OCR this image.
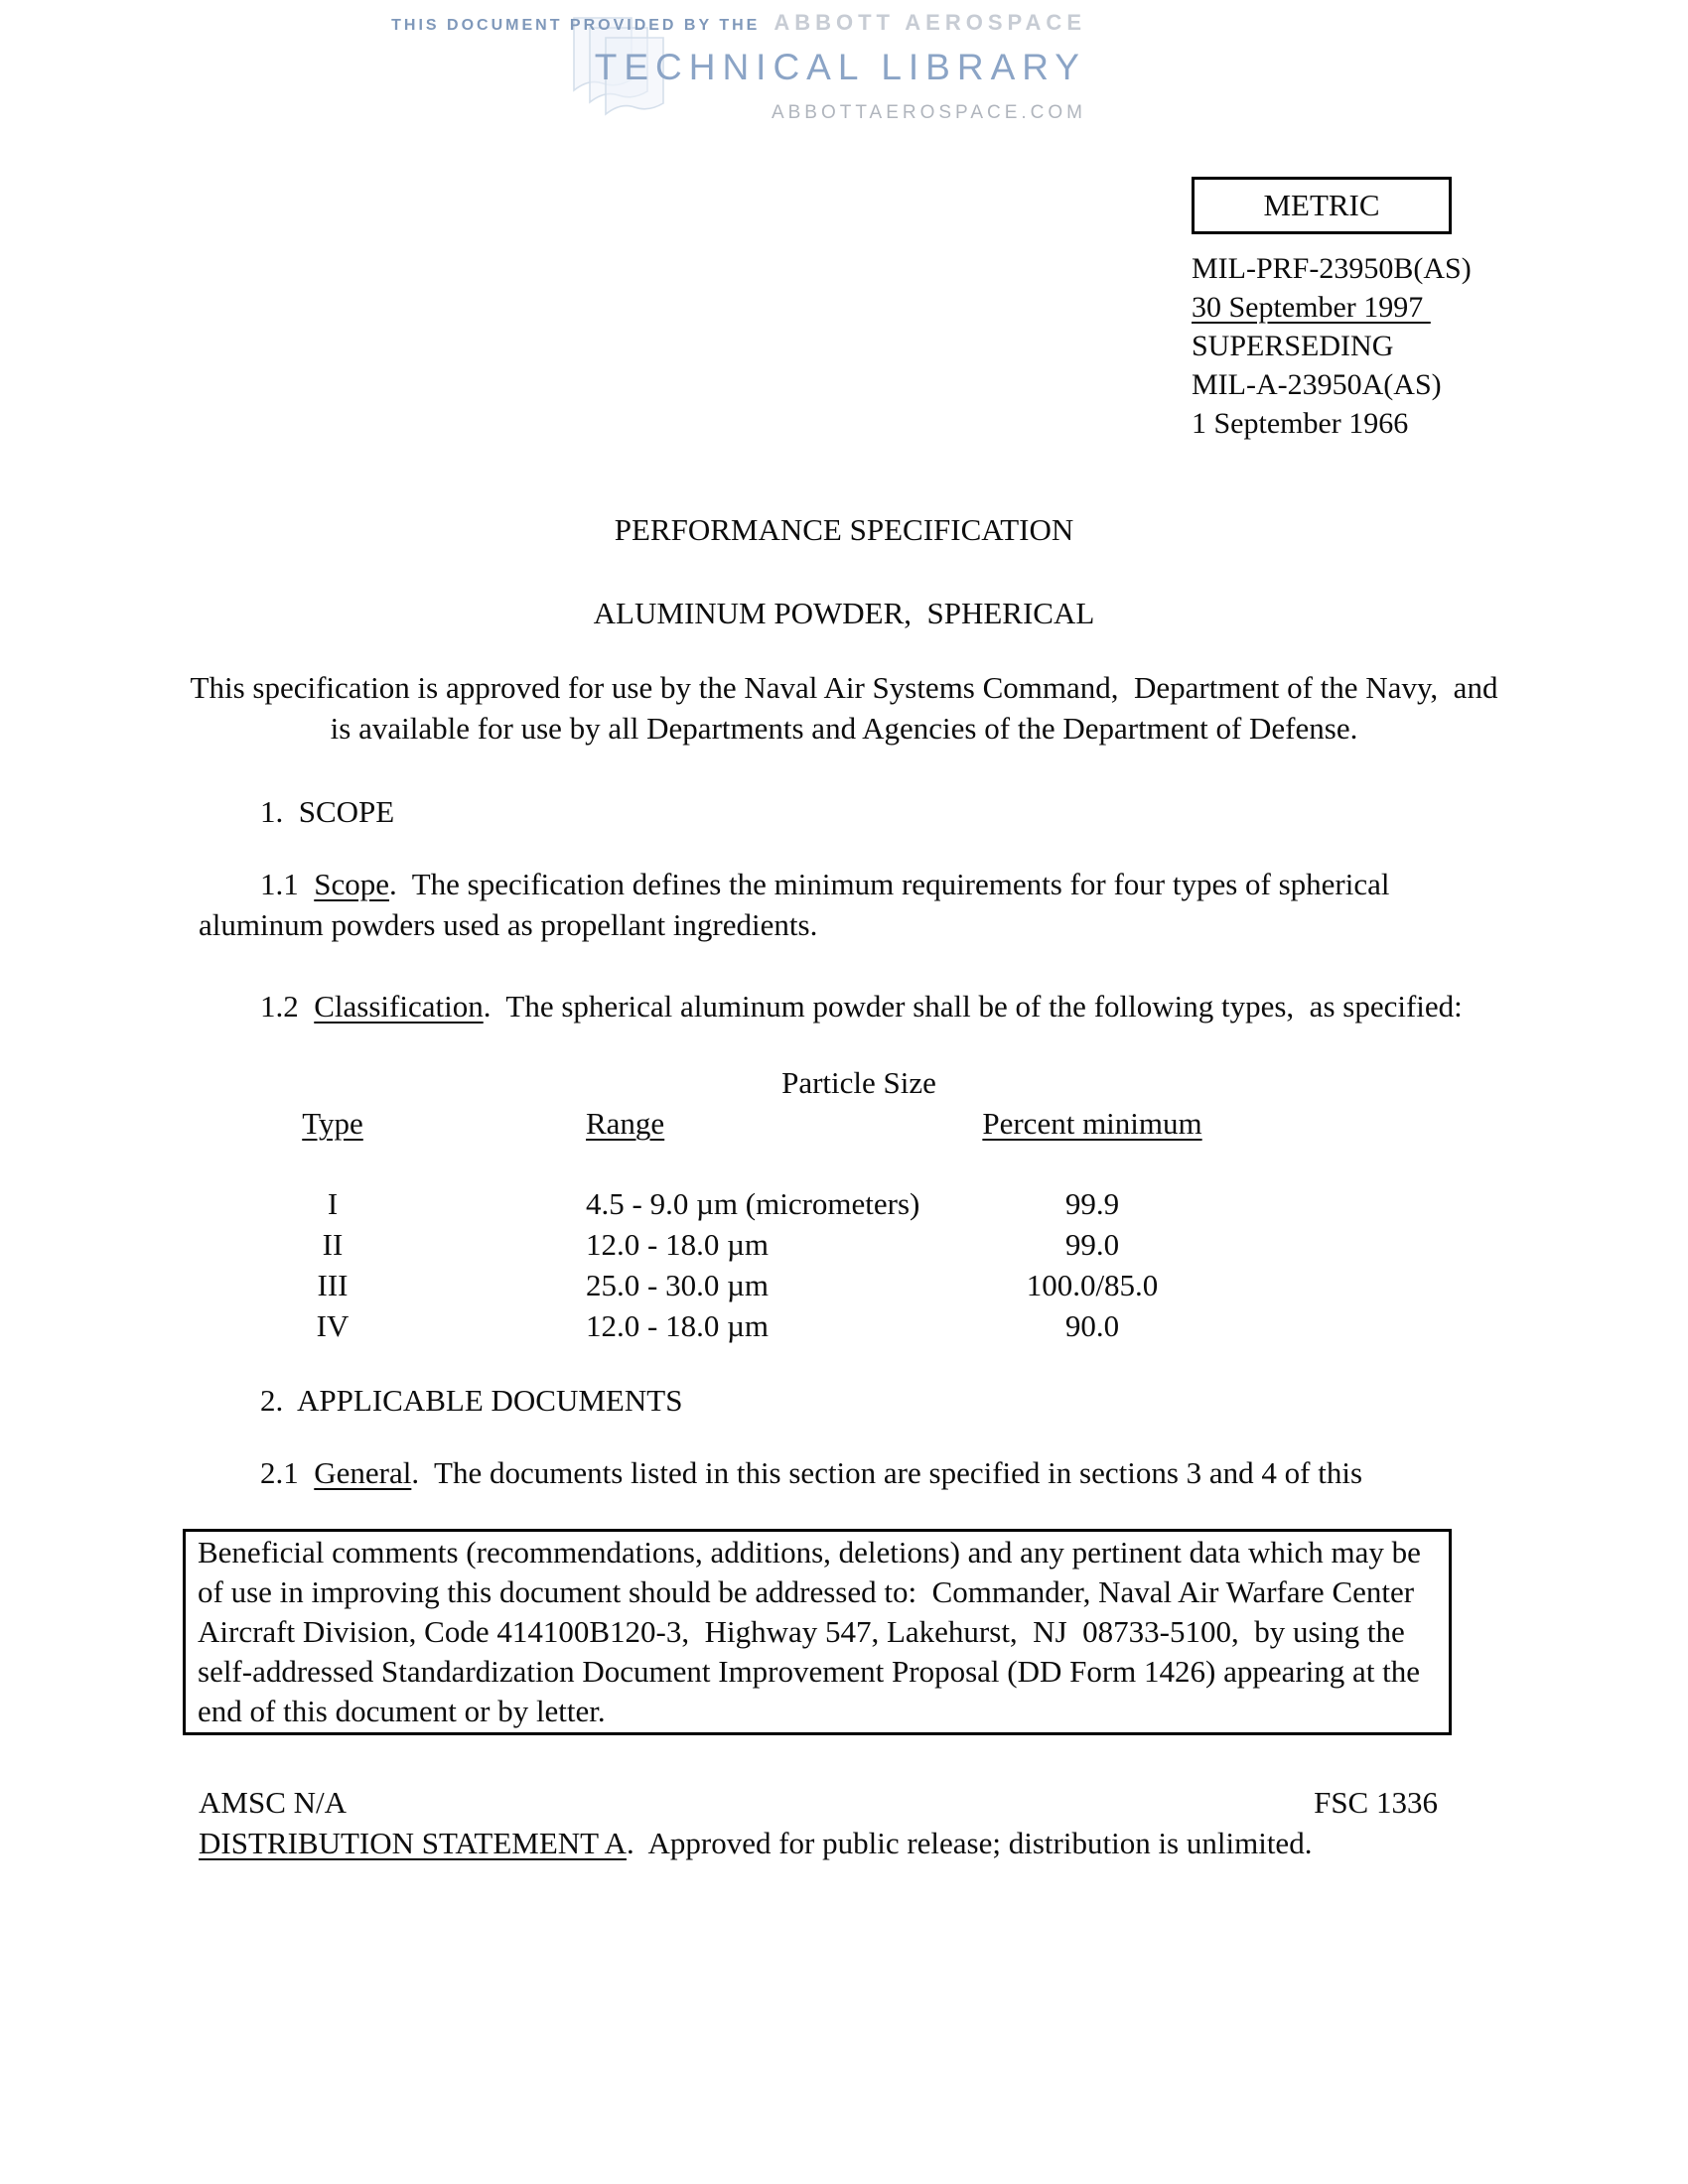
THIS DOCUMENT PROVIDED BY THE ABBOTT AEROSPACE
TECHNICAL LIBRARY
ABBOTTAEROSPACE.COM
METRIC
MIL-PRF-23950B(AS)
30 September 1997
SUPERSEDING
MIL-A-23950A(AS)
1 September 1966
PERFORMANCE SPECIFICATION
ALUMINUM POWDER,  SPHERICAL
This specification is approved for use by the Naval Air Systems Command,  Department of the Navy,  and is available for use by all Departments and Agencies of the Department of Defense.
1.  SCOPE
1.1  Scope.  The specification defines the minimum requirements for four types of spherical aluminum powders used as propellant ingredients.
1.2  Classification.  The spherical aluminum powder shall be of the following types,  as specified:
Particle Size
Type	Range	Percent minimum
I	4.5 - 9.0 µm (micrometers)	99.9
II	12.0 - 18.0 µm	99.0
III	25.0 - 30.0 µm	100.0/85.0
IV	12.0 - 18.0 µm	90.0
2.  APPLICABLE DOCUMENTS
2.1  General.  The documents listed in this section are specified in sections 3 and 4 of this
Beneficial comments (recommendations, additions, deletions) and any pertinent data which may be of use in improving this document should be addressed to:  Commander, Naval Air Warfare Center Aircraft Division, Code 414100B120-3,  Highway 547, Lakehurst,  NJ  08733-5100,  by using the self-addressed Standardization Document Improvement Proposal (DD Form 1426) appearing at the end of this document or by letter.
AMSC N/A	FSC 1336
DISTRIBUTION STATEMENT A.  Approved for public release; distribution is unlimited.
